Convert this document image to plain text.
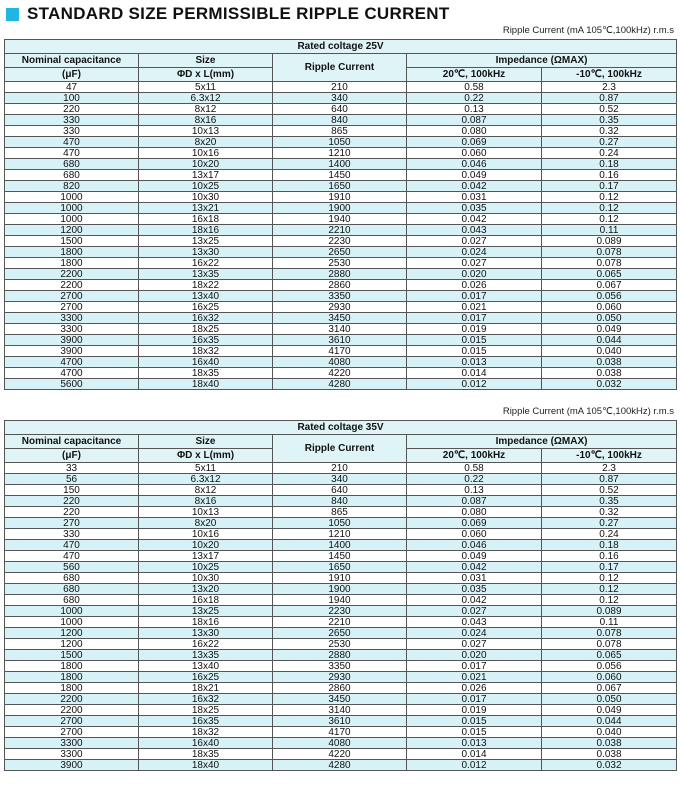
STANDARD SIZE PERMISSIBLE RIPPLE CURRENT
Ripple Current (mA 105℃,100kHz) r.m.s
Rated coltage 25V				
Nominal capacitance	Size	Ripple Current	Impedance (ΩMAX)	
(μF)	ΦD x L(mm)		20℃, 100kHz	-10℃, 100kHz
47	5x11	210	0.58	2.3
100	6.3x12	340	0.22	0.87
220	8x12	640	0.13	0.52
330	8x16	840	0.087	0.35
330	10x13	865	0.080	0.32
470	8x20	1050	0.069	0.27
470	10x16	1210	0.060	0.24
680	10x20	1400	0.046	0.18
680	13x17	1450	0.049	0.16
820	10x25	1650	0.042	0.17
1000	10x30	1910	0.031	0.12
1000	13x21	1900	0.035	0.12
1000	16x18	1940	0.042	0.12
1200	18x16	2210	0.043	0.11
1500	13x25	2230	0.027	0.089
1800	13x30	2650	0.024	0.078
1800	16x22	2530	0.027	0.078
2200	13x35	2880	0.020	0.065
2200	18x22	2860	0.026	0.067
2700	13x40	3350	0.017	0.056
2700	16x25	2930	0.021	0.060
3300	16x32	3450	0.017	0.050
3300	18x25	3140	0.019	0.049
3900	16x35	3610	0.015	0.044
3900	18x32	4170	0.015	0.040
4700	16x40	4080	0.013	0.038
4700	18x35	4220	0.014	0.038
5600	18x40	4280	0.012	0.032
Ripple Current (mA 105℃,100kHz) r.m.s
Rated coltage 35V				
Nominal capacitance	Size	Ripple Current	Impedance (ΩMAX)	
(μF)	ΦD x L(mm)		20℃, 100kHz	-10℃, 100kHz
33	5x11	210	0.58	2.3
56	6.3x12	340	0.22	0.87
150	8x12	640	0.13	0.52
220	8x16	840	0.087	0.35
220	10x13	865	0.080	0.32
270	8x20	1050	0.069	0.27
330	10x16	1210	0.060	0.24
470	10x20	1400	0.046	0.18
470	13x17	1450	0.049	0.16
560	10x25	1650	0.042	0.17
680	10x30	1910	0.031	0.12
680	13x20	1900	0.035	0.12
680	16x18	1940	0.042	0.12
1000	13x25	2230	0.027	0.089
1000	18x16	2210	0.043	0.11
1200	13x30	2650	0.024	0.078
1200	16x22	2530	0.027	0.078
1500	13x35	2880	0.020	0.065
1800	13x40	3350	0.017	0.056
1800	16x25	2930	0.021	0.060
1800	18x21	2860	0.026	0.067
2200	16x32	3450	0.017	0.050
2200	18x25	3140	0.019	0.049
2700	16x35	3610	0.015	0.044
2700	18x32	4170	0.015	0.040
3300	16x40	4080	0.013	0.038
3300	18x35	4220	0.014	0.038
3900	18x40	4280	0.012	0.032
